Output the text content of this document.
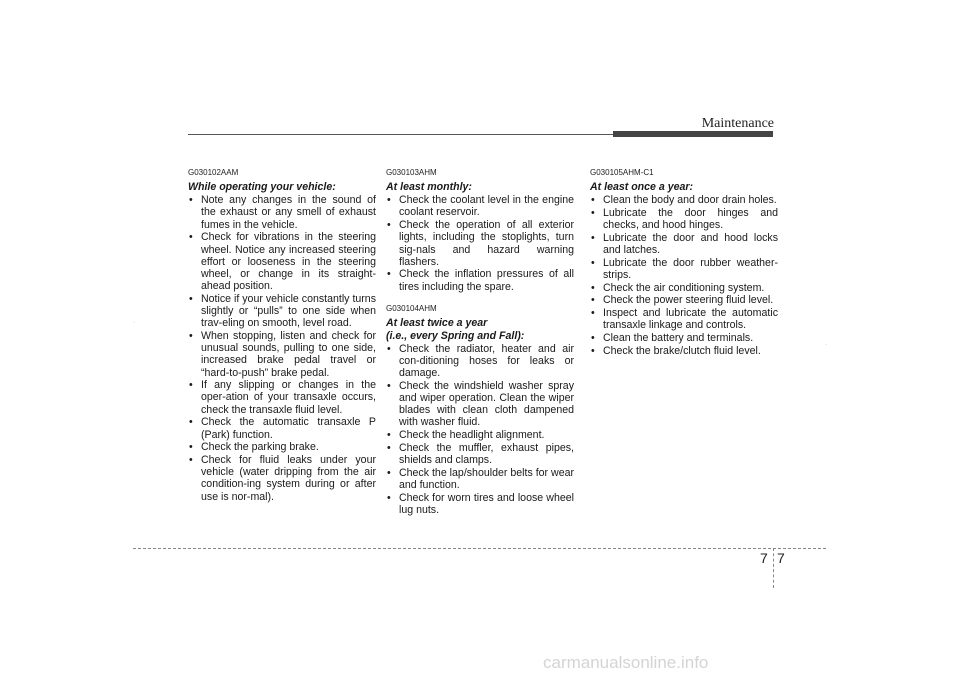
Maintenance
G030102AAM
While operating your vehicle:
• Note any changes in the sound of the exhaust or any smell of exhaust fumes in the vehicle.
• Check for vibrations in the steering wheel. Notice any increased steering effort or looseness in the steering wheel, or change in its straight-ahead position.
• Notice if your vehicle constantly turns slightly or “pulls” to one side when trav-eling on smooth, level road.
• When stopping, listen and check for unusual sounds, pulling to one side, increased brake pedal travel or “hard-to-push” brake pedal.
• If any slipping or changes in the oper-ation of your transaxle occurs, check the transaxle fluid level.
• Check the automatic transaxle P (Park) function.
• Check the parking brake.
• Check for fluid leaks under your vehicle (water dripping from the air condition-ing system during or after use is nor-mal).
G030103AHM
At least monthly:
• Check the coolant level in the engine coolant reservoir.
• Check the operation of all exterior lights, including the stoplights, turn sig-nals and hazard warning flashers.
• Check the inflation pressures of all tires including the spare.
G030104AHM
At least twice a year
(i.e., every Spring and Fall):
• Check the radiator, heater and air con-ditioning hoses for leaks or damage.
• Check the windshield washer spray and wiper operation. Clean the wiper blades with clean cloth dampened with washer fluid.
• Check the headlight alignment.
• Check the muffler, exhaust pipes, shields and clamps.
• Check the lap/shoulder belts for wear and function.
• Check for worn tires and loose wheel lug nuts.
G030105AHM-C1
At least once a year:
• Clean the body and door drain holes.
• Lubricate the door hinges and checks, and hood hinges.
• Lubricate the door and hood locks and latches.
• Lubricate the door rubber weather-strips.
• Check the air conditioning system.
• Check the power steering fluid level.
• Inspect and lubricate the automatic transaxle linkage and controls.
• Clean the battery and terminals.
• Check the brake/clutch fluid level.
.
.
7 7
carmanualsonline.info
